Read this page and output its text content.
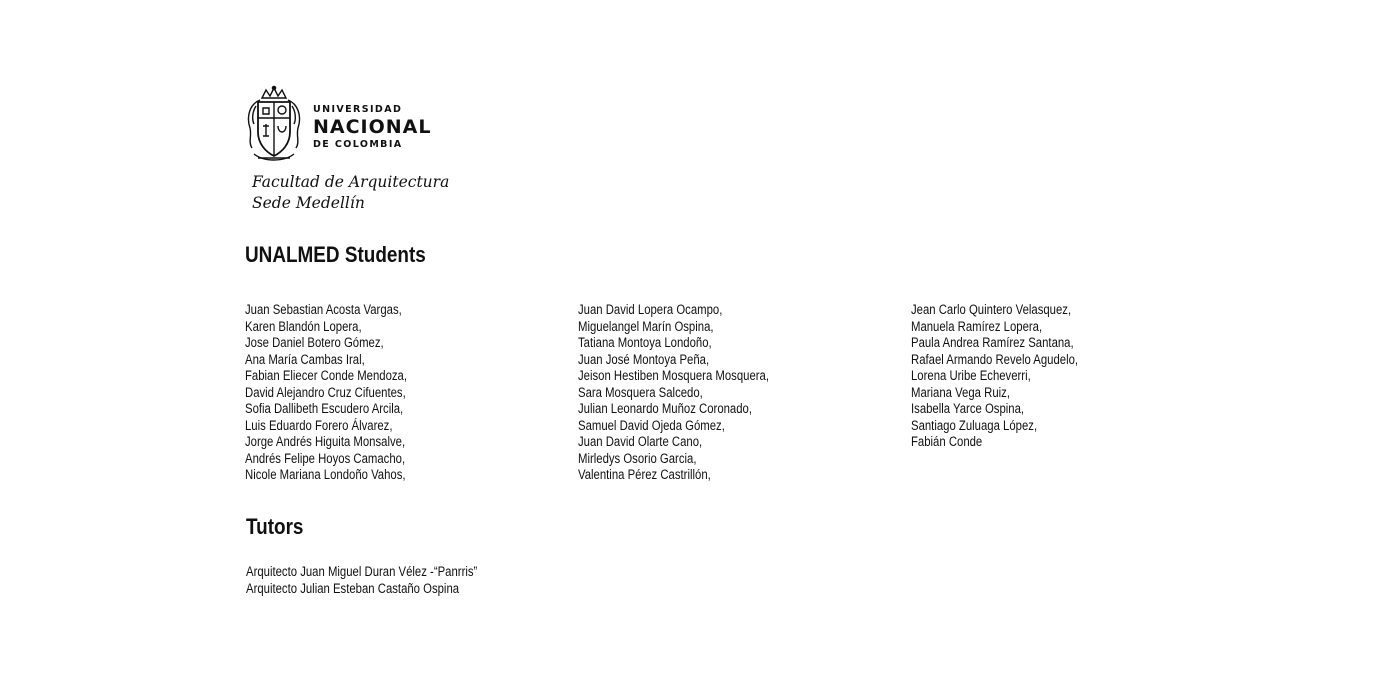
UNIVERSIDAD
NACIONAL
DE COLOMBIA
Facultad de Arquitectura
Sede Medellín
UNALMED Students
Juan Sebastian Acosta Vargas,
Karen Blandón Lopera,
Jose Daniel Botero Gómez,
Ana María Cambas Iral,
Fabian Eliecer Conde Mendoza,
David Alejandro Cruz Cifuentes,
Sofia Dallibeth Escudero Arcila,
Luis Eduardo Forero Álvarez,
Jorge Andrés Higuita Monsalve,
Andrés Felipe Hoyos Camacho,
Nicole Mariana Londoño Vahos,
Juan David Lopera Ocampo,
Miguelangel Marín Ospina,
Tatiana Montoya Londoño,
Juan José Montoya Peña,
Jeison Hestiben Mosquera Mosquera,
Sara Mosquera Salcedo,
Julian Leonardo Muñoz Coronado,
Samuel David Ojeda Gómez,
Juan David Olarte Cano,
Mirledys Osorio Garcia,
Valentina Pérez Castrillón,
Jean Carlo Quintero Velasquez,
Manuela Ramírez Lopera,
Paula Andrea Ramírez Santana,
Rafael Armando Revelo Agudelo,
Lorena Uribe Echeverri,
Mariana Vega Ruiz,
Isabella Yarce Ospina,
Santiago Zuluaga López,
Fabián Conde
Tutors
Arquitecto Juan Miguel Duran Vélez -“Panrris”
Arquitecto Julian Esteban Castaño Ospina
